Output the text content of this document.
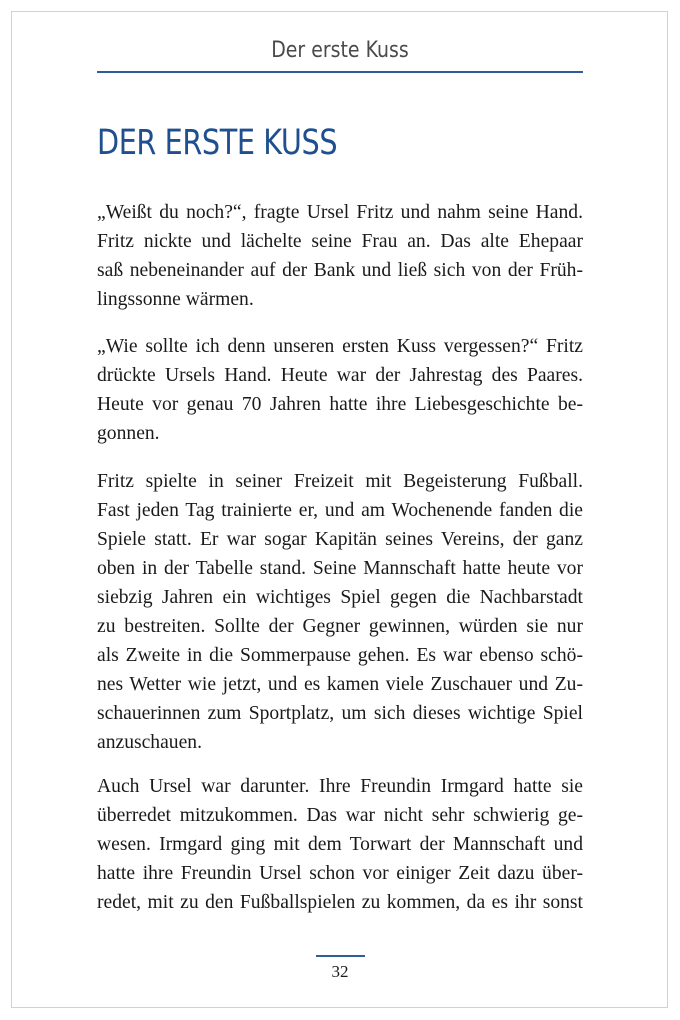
Der erste Kuss
DER ERSTE KUSS

„Weißt du noch?“, fragte Ursel Fritz und nahm seine Hand.
Fritz nickte und lächelte seine Frau an. Das alte Ehepaar
saß nebeneinander auf der Bank und ließ sich von der Früh-
lingssonne wärmen.

„Wie sollte ich denn unseren ersten Kuss vergessen?“ Fritz
drückte Ursels Hand. Heute war der Jahrestag des Paares.
Heute vor genau 70 Jahren hatte ihre Liebesgeschichte be-
gonnen.

Fritz spielte in seiner Freizeit mit Begeisterung Fußball.
Fast jeden Tag trainierte er, und am Wochenende fanden die
Spiele statt. Er war sogar Kapitän seines Vereins, der ganz
oben in der Tabelle stand. Seine Mannschaft hatte heute vor
siebzig Jahren ein wichtiges Spiel gegen die Nachbarstadt
zu bestreiten. Sollte der Gegner gewinnen, würden sie nur
als Zweite in die Sommerpause gehen. Es war ebenso schö-
nes Wetter wie jetzt, und es kamen viele Zuschauer und Zu-
schauerinnen zum Sportplatz, um sich dieses wichtige Spiel
anzuschauen.

Auch Ursel war darunter. Ihre Freundin Irmgard hatte sie
überredet mitzukommen. Das war nicht sehr schwierig ge-
wesen. Irmgard ging mit dem Torwart der Mannschaft und
hatte ihre Freundin Ursel schon vor einiger Zeit dazu über-
redet, mit zu den Fußballspielen zu kommen, da es ihr sonst

32
